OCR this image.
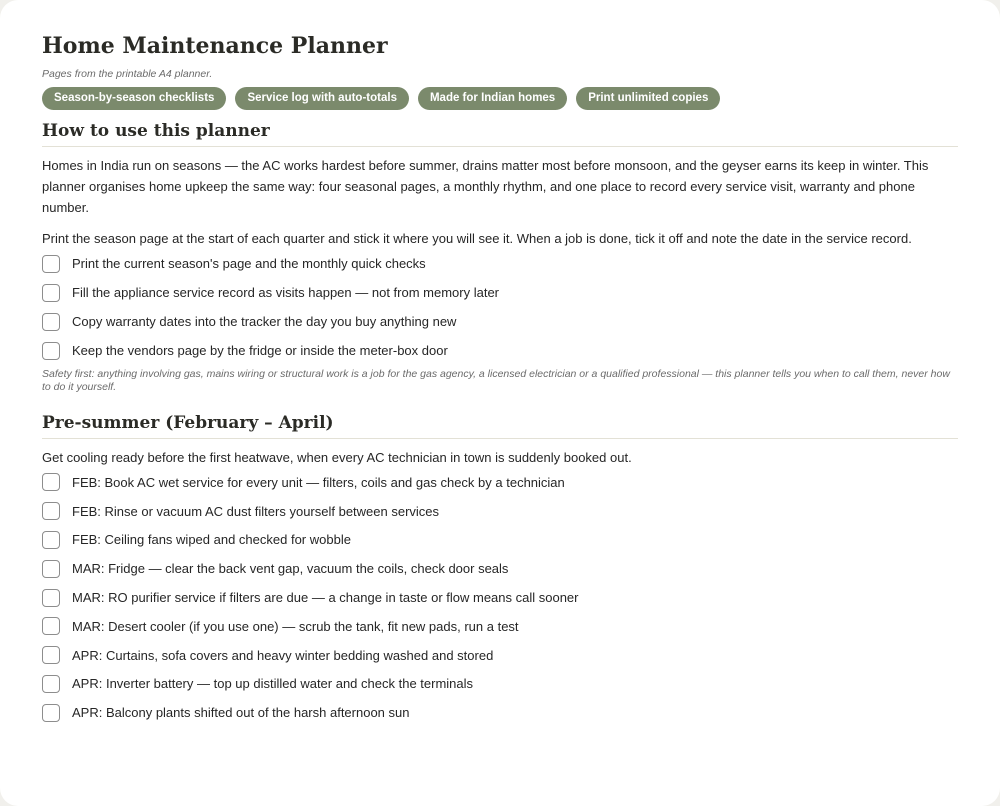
Home Maintenance Planner
Pages from the printable A4 planner.
Season-by-season checklists	Service log with auto-totals	Made for Indian homes	Print unlimited copies
How to use this planner

Homes in India run on seasons — the AC works hardest before summer, drains matter most before monsoon, and the geyser earns its keep in winter. This planner organises home upkeep the same way: four seasonal pages, a monthly rhythm, and one place to record every service visit, warranty and phone number.

Print the season page at the start of each quarter and stick it where you will see it. When a job is done, tick it off and note the date in the service record.

Print the current season's page and the monthly quick checks
Fill the appliance service record as visits happen — not from memory later
Copy warranty dates into the tracker the day you buy anything new
Keep the vendors page by the fridge or inside the meter-box door
Safety first: anything involving gas, mains wiring or structural work is a job for the gas agency, a licensed electrician or a qualified professional — this planner tells you when to call them, never how to do it yourself.
Pre-summer (February – April)

Get cooling ready before the first heatwave, when every AC technician in town is suddenly booked out.

FEB: Book AC wet service for every unit — filters, coils and gas check by a technician
FEB: Rinse or vacuum AC dust filters yourself between services
FEB: Ceiling fans wiped and checked for wobble
MAR: Fridge — clear the back vent gap, vacuum the coils, check door seals
MAR: RO purifier service if filters are due — a change in taste or flow means call sooner
MAR: Desert cooler (if you use one) — scrub the tank, fit new pads, run a test
APR: Curtains, sofa covers and heavy winter bedding washed and stored
APR: Inverter battery — top up distilled water and check the terminals
APR: Balcony plants shifted out of the harsh afternoon sun
